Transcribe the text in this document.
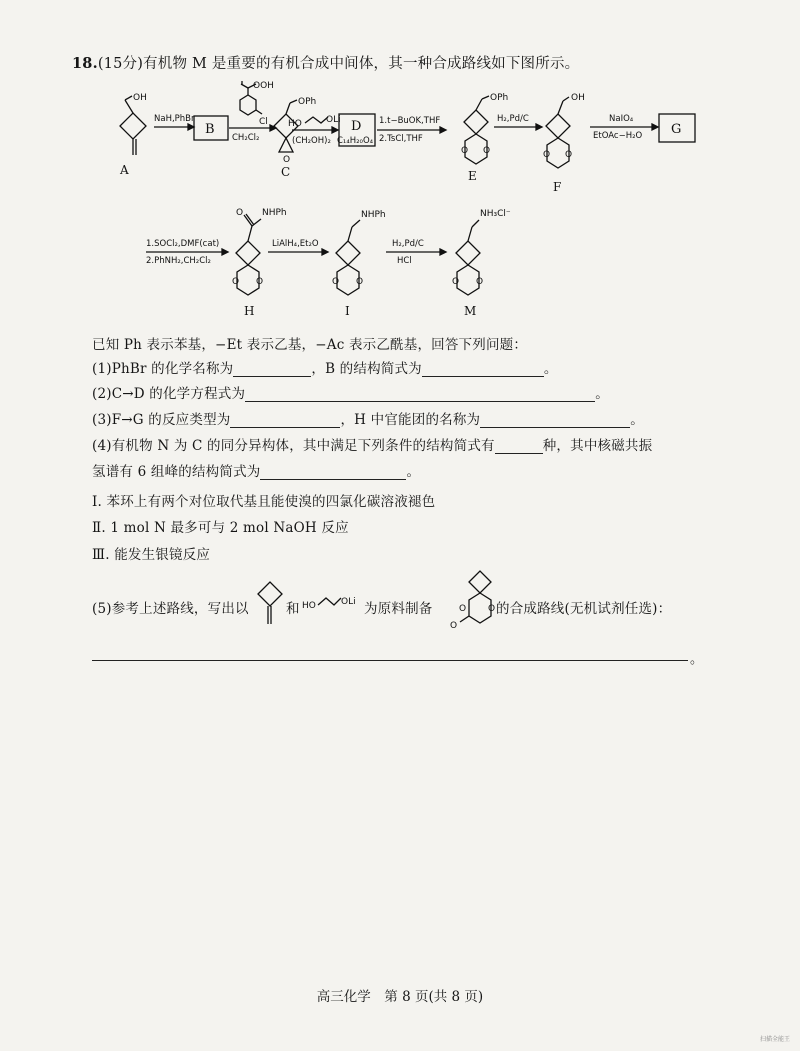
18.(15分)有机物 M 是重要的有机合成中间体，其一种合成路线如下图所示。
OH
A
NaH,PhBr
B
OOH
Cl
CH₂Cl₂
OPh
O
C
HO	OLi
(CH₂OH)₂
D
C₁₄H₂₀O₄
1.t−BuOK,THF
2.TsCl,THF
OPh
O O
E
H₂,Pd/C
OH
O O
F
NaIO₄
EtOAc−H₂O G
1.SOCl₂,DMF(cat)
2.PhNH₂,CH₂Cl₂
O NHPh
O O
H
LiAlH₄,Et₂O
NHPh
O O
I
H₂,Pd/C
HCl
NH₃Cl⁻
O O
M
HO	OLi
O O
O
已知 Ph 表示苯基，−Et 表示乙基，−Ac 表示乙酰基，回答下列问题：
(1)PhBr 的化学名称为	，B 的结构简式为	。
(2)C→D 的化学方程式为	。
(3)F→G 的反应类型为	，H 中官能团的名称为	。
(4)有机物 N 为 C 的同分异构体，其中满足下列条件的结构简式有	种，其中核磁共振
氢谱有 6 组峰的结构简式为	。
Ⅰ. 苯环上有两个对位取代基且能使溴的四氯化碳溶液褪色
Ⅱ. 1 mol N 最多可与 2 mol NaOH 反应
Ⅲ. 能发生银镜反应
(5)参考上述路线，写出以	和	为原料制备	的合成路线(无机试剂任选)：
。
高三化学　第 8 页(共 8 页)
扫描全能王
